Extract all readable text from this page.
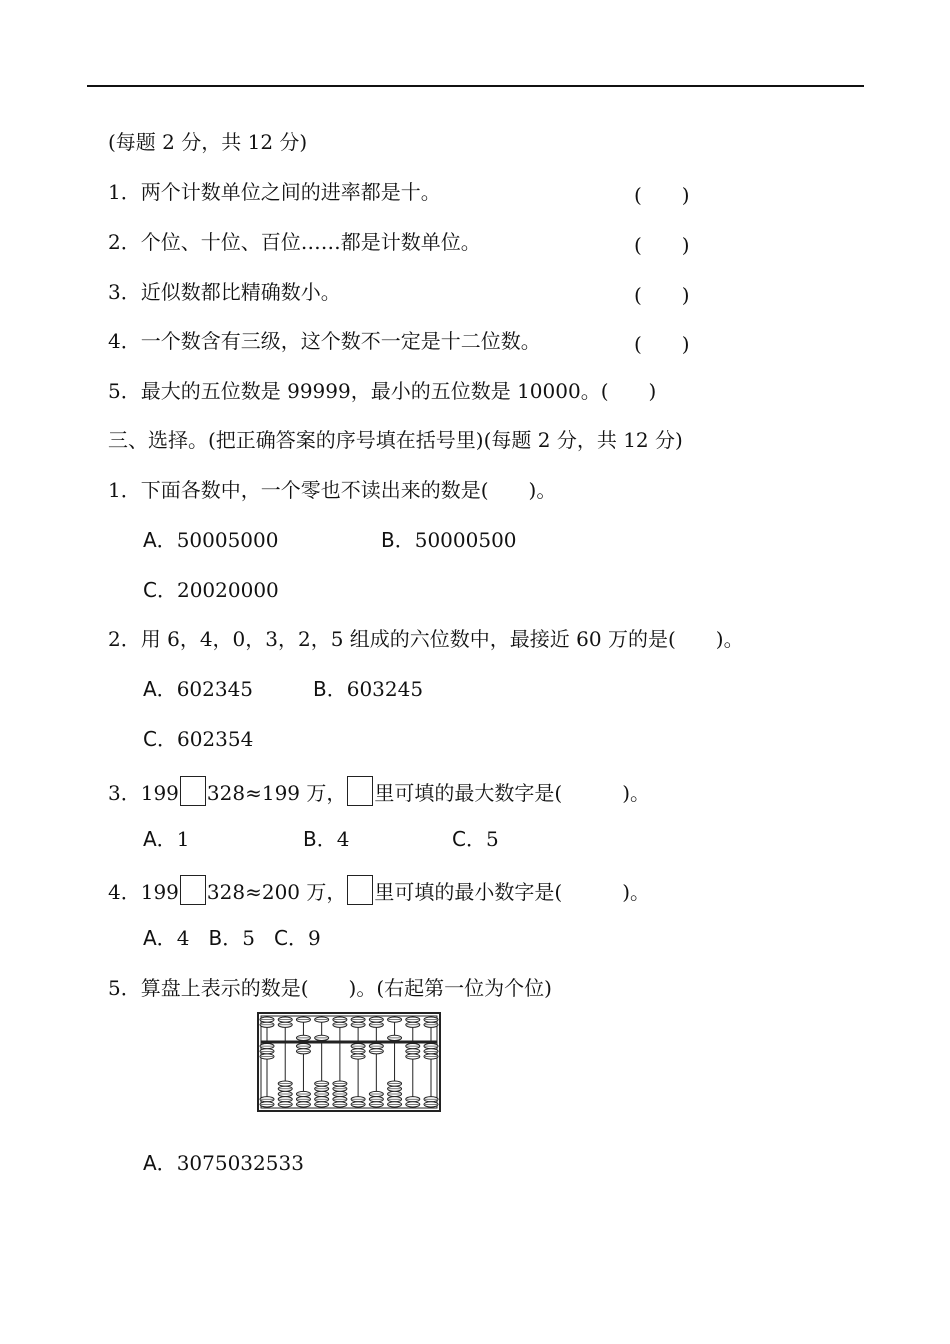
(每题 2 分，共 12 分)
1．两个计数单位之间的进率都是十。	(　　)
2．个位、十位、百位……都是计数单位。	(　　)
3．近似数都比精确数小。	(　　)
4．一个数含有三级，这个数不一定是十二位数。	(　　)
5．最大的五位数是 99999，最小的五位数是 10000。(　　)
三、选择。(把正确答案的序号填在括号里)(每题 2 分，共 12 分)
1．下面各数中，一个零也不读出来的数是(　　)。
A．50005000	B．50000500
C．20020000
2．用 6，4，0，3，2，5 组成的六位数中，最接近 60 万的是(　　)。
A．602345	B．603245
C．602354
3．199 328≈199 万， 里可填的最大数字是(　　　)。
A．1	B．4	C．5
4．199 328≈200 万， 里可填的最小数字是(　　　)。
A．4 B．5 C．9
5．算盘上表示的数是(　　)。(右起第一位为个位)
A．3075032533
